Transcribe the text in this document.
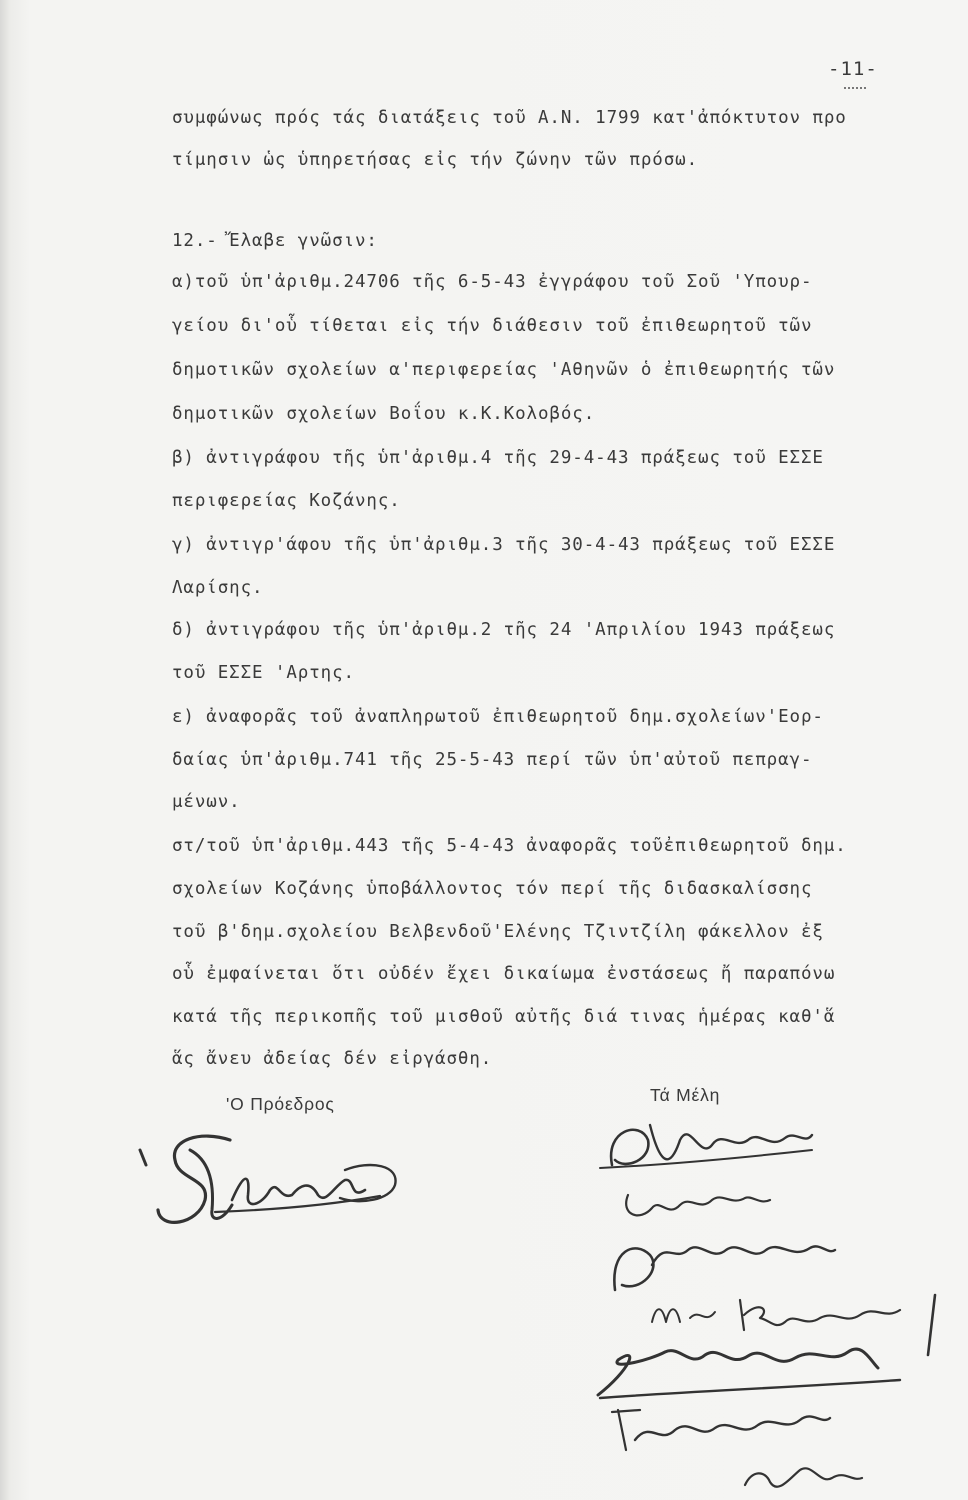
-11-
συμφώνως πρός τάς διατάξεις τοῦ Α.Ν. 1799 κατ'ἀπόκτυτον προ
τίμησιν ὡς ὑπηρετήσας εἰς τήν ζώνην τῶν πρόσω.
12.- Ἔλαβε γνῶσιν:
α)τοῦ ὑπ'ἀριθμ.24706 τῆς 6-5-43 ἐγγράφου τοῦ Σοῦ 'Υπουρ-
γείου δι'οὗ τίθεται εἰς τήν διάθεσιν τοῦ ἐπιθεωρητοῦ τῶν
δημοτικῶν σχολείων α'περιφερείας 'Αθηνῶν ὁ ἐπιθεωρητής τῶν
δημοτικῶν σχολείων Βοΐου κ.Κ.Κολοβός.
β) ἀντιγράφου τῆς ὑπ'ἀριθμ.4 τῆς 29-4-43 πράξεως τοῦ ΕΣΣΕ
περιφερείας Κοζάνης.
γ) ἀντιγρ'άφου τῆς ὑπ'ἀριθμ.3 τῆς 30-4-43 πράξεως τοῦ ΕΣΣΕ
Λαρίσης.
δ) ἀντιγράφου τῆς ὑπ'ἀριθμ.2 τῆς 24 'Απριλίου 1943 πράξεως
τοῦ ΕΣΣΕ 'Αρτης.
ε) ἀναφορᾶς τοῦ ἀναπληρωτοῦ ἐπιθεωρητοῦ δημ.σχολείων'Εορ-
δαίας ὑπ'ἀριθμ.741 τῆς 25-5-43 περί τῶν ὑπ'αὐτοῦ πεπραγ-
μένων.
στ/τοῦ ὑπ'ἀριθμ.443 τῆς 5-4-43 ἀναφορᾶς τοῦἐπιθεωρητοῦ δημ.
σχολείων Κοζάνης ὑποβάλλοντος τόν περί τῆς διδασκαλίσσης
τοῦ β'δημ.σχολείου Βελβενδοῦ'Ελένης Τζιντζίλη φάκελλον ἐξ
οὗ ἐμφαίνεται ὅτι οὐδέν ἔχει δικαίωμα ἐνστάσεως ἤ παραπόνω
κατά τῆς περικοπῆς τοῦ μισθοῦ αὐτῆς διά τινας ἡμέρας καθ'ἅ
ἅς ἄνευ ἀδείας δέν εἰργάσθη.
'Ο Πρόεδρος	Τά Μέλη
